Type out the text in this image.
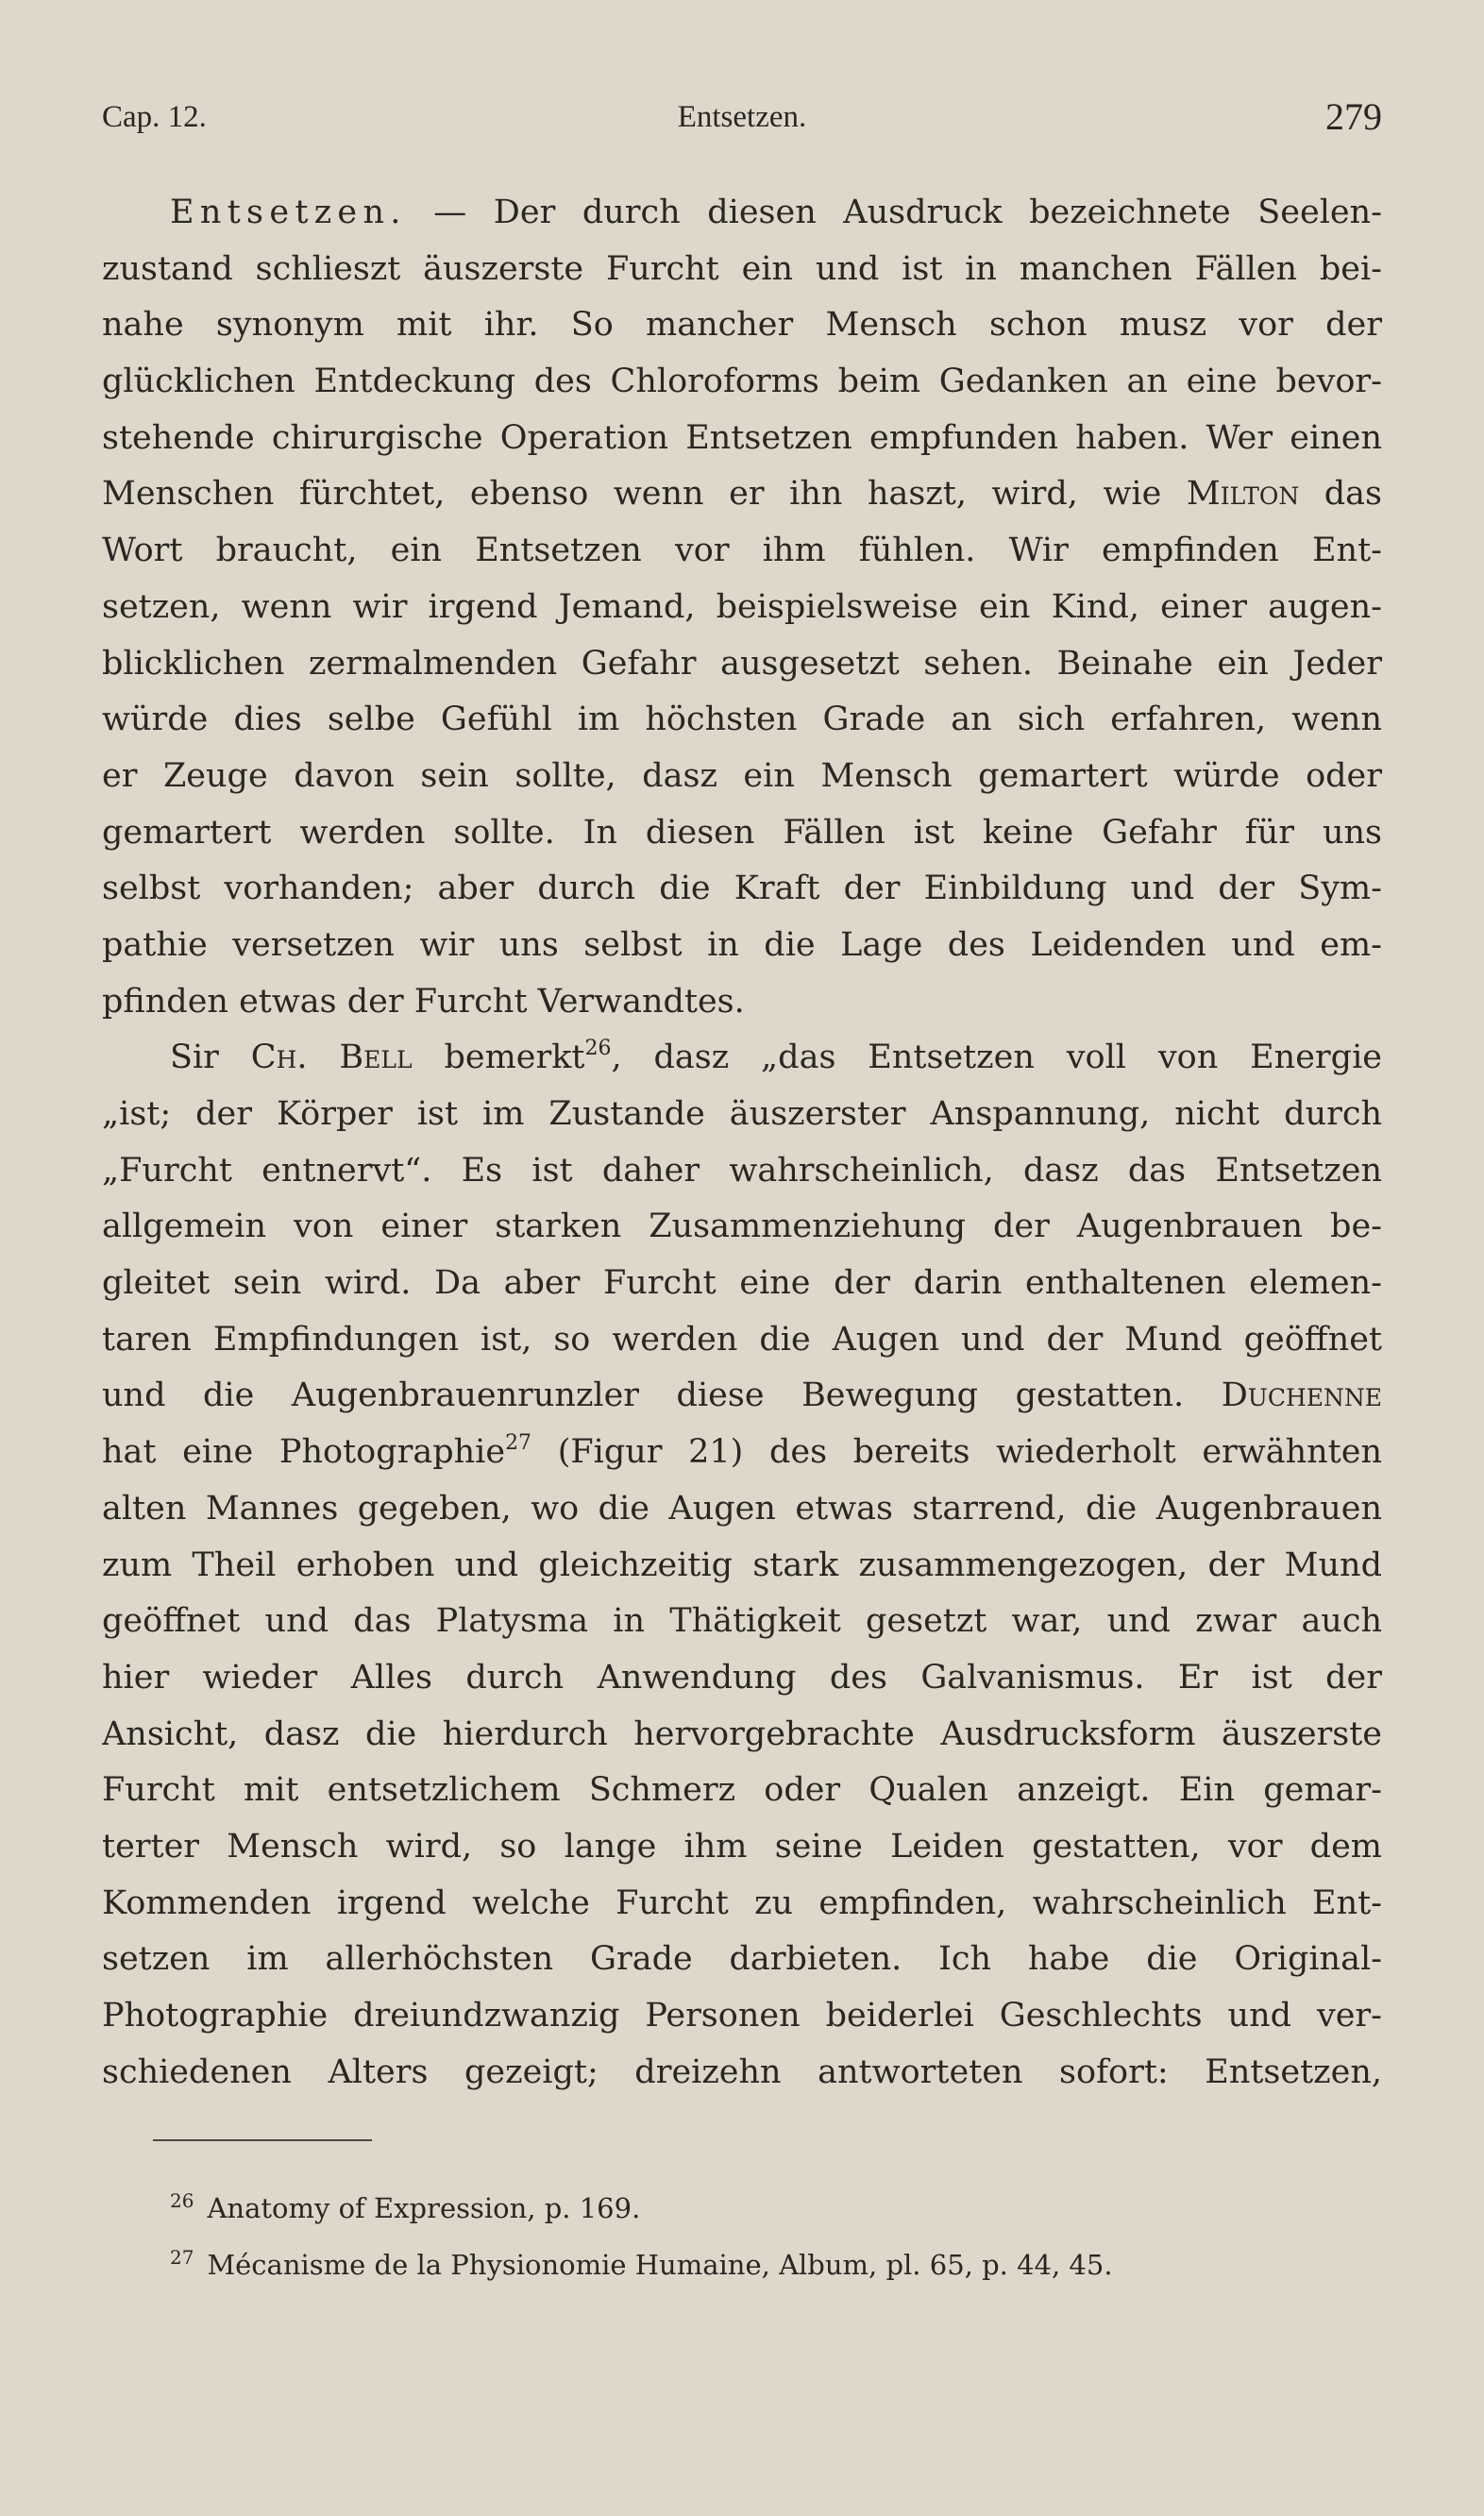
Cap. 12.	Entsetzen.	279
Entsetzen. — Der durch diesen Ausdruck bezeichnete Seelen-
zustand schlieszt äuszerste Furcht ein und ist in manchen Fällen bei-
nahe synonym mit ihr. So mancher Mensch schon musz vor der
glücklichen Entdeckung des Chloroforms beim Gedanken an eine bevor-
stehende chirurgische Operation Entsetzen empfunden haben. Wer einen
Menschen fürchtet, ebenso wenn er ihn haszt, wird, wie Milton das
Wort braucht, ein Entsetzen vor ihm fühlen. Wir empfinden Ent-
setzen, wenn wir irgend Jemand, beispielsweise ein Kind, einer augen-
blicklichen zermalmenden Gefahr ausgesetzt sehen. Beinahe ein Jeder
würde dies selbe Gefühl im höchsten Grade an sich erfahren, wenn
er Zeuge davon sein sollte, dasz ein Mensch gemartert würde oder
gemartert werden sollte. In diesen Fällen ist keine Gefahr für uns
selbst vorhanden; aber durch die Kraft der Einbildung und der Sym-
pathie versetzen wir uns selbst in die Lage des Leidenden und em-
pfinden etwas der Furcht Verwandtes.
Sir Ch. Bell bemerkt$^{26}$, dasz „das Entsetzen voll von Energie
„ist; der Körper ist im Zustande äuszerster Anspannung, nicht durch
„Furcht entnervt“. Es ist daher wahrscheinlich, dasz das Entsetzen
allgemein von einer starken Zusammenziehung der Augenbrauen be-
gleitet sein wird. Da aber Furcht eine der darin enthaltenen elemen-
taren Empfindungen ist, so werden die Augen und der Mund geöffnet
und die Augenbrauenrunzler diese Bewegung gestatten. Duchenne
hat eine Photographie$^{27}$ (Figur 21) des bereits wiederholt erwähnten
alten Mannes gegeben, wo die Augen etwas starrend, die Augenbrauen
zum Theil erhoben und gleichzeitig stark zusammengezogen, der Mund
geöffnet und das Platysma in Thätigkeit gesetzt war, und zwar auch
hier wieder Alles durch Anwendung des Galvanismus. Er ist der
Ansicht, dasz die hierdurch hervorgebrachte Ausdrucksform äuszerste
Furcht mit entsetzlichem Schmerz oder Qualen anzeigt. Ein gemar-
terter Mensch wird, so lange ihm seine Leiden gestatten, vor dem
Kommenden irgend welche Furcht zu empfinden, wahrscheinlich Ent-
setzen im allerhöchsten Grade darbieten. Ich habe die Original-
Photographie dreiundzwanzig Personen beiderlei Geschlechts und ver-
schiedenen Alters gezeigt; dreizehn antworteten sofort: Entsetzen,
$^{26}$ Anatomy of Expression, p. 169.
$^{27}$ Mécanisme de la Physionomie Humaine, Album, pl. 65, p. 44, 45.
